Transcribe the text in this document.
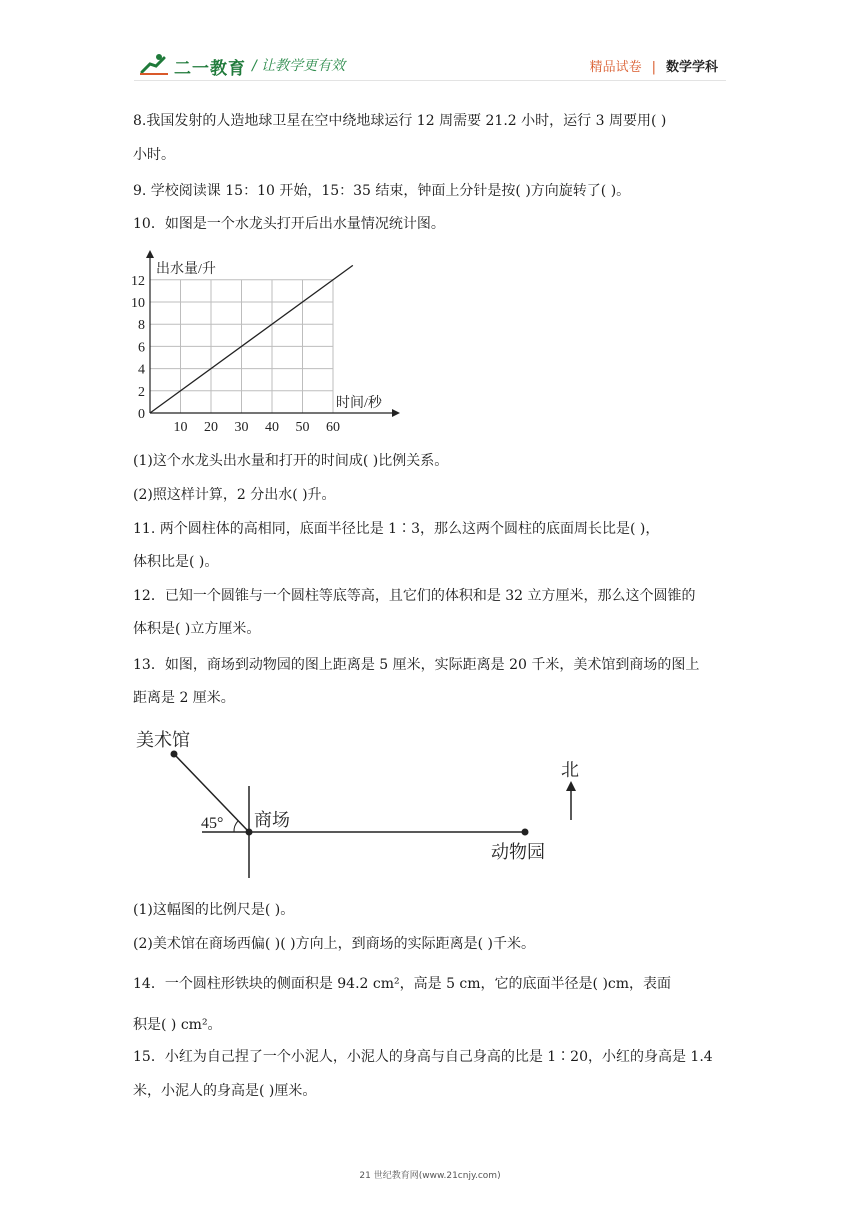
二一教育 / 让教学更有效	精品试卷 | 数学学科
8.我国发射的人造地球卫星在空中绕地球运行 12 周需要 21.2 小时，运行 3 周要用( )
小时。
9. 学校阅读课 15：10 开始，15：35 结束，钟面上分针是按( )方向旋转了( )。
10．如图是一个水龙头打开后出水量情况统计图。
10 20 30 40 50 60
0
2
4
6
8
10
12
出水量/升
时间/秒
(1)这个水龙头出水量和打开的时间成( )比例关系。
(2)照这样计算，2 分出水( )升。
11. 两个圆柱体的高相同，底面半径比是 1∶3，那么这两个圆柱的底面周长比是( )，
体积比是( )。
12．已知一个圆锥与一个圆柱等底等高，且它们的体积和是 32 立方厘米，那么这个圆锥的
体积是( )立方厘米。
13．如图，商场到动物园的图上距离是 5 厘米，实际距离是 20 千米，美术馆到商场的图上
距离是 2 厘米。
美术馆
商场
动物园
45°
北
(1)这幅图的比例尺是( )。
(2)美术馆在商场西偏( )( )方向上，到商场的实际距离是( )千米。
14．一个圆柱形铁块的侧面积是 94.2 cm²，高是 5 cm，它的底面半径是( )cm，表面
积是( ) cm²。
15．小红为自己捏了一个小泥人，小泥人的身高与自己身高的比是 1∶20，小红的身高是 1.4
米，小泥人的身高是( )厘米。
21 世纪教育网(www.21cnjy.com)
